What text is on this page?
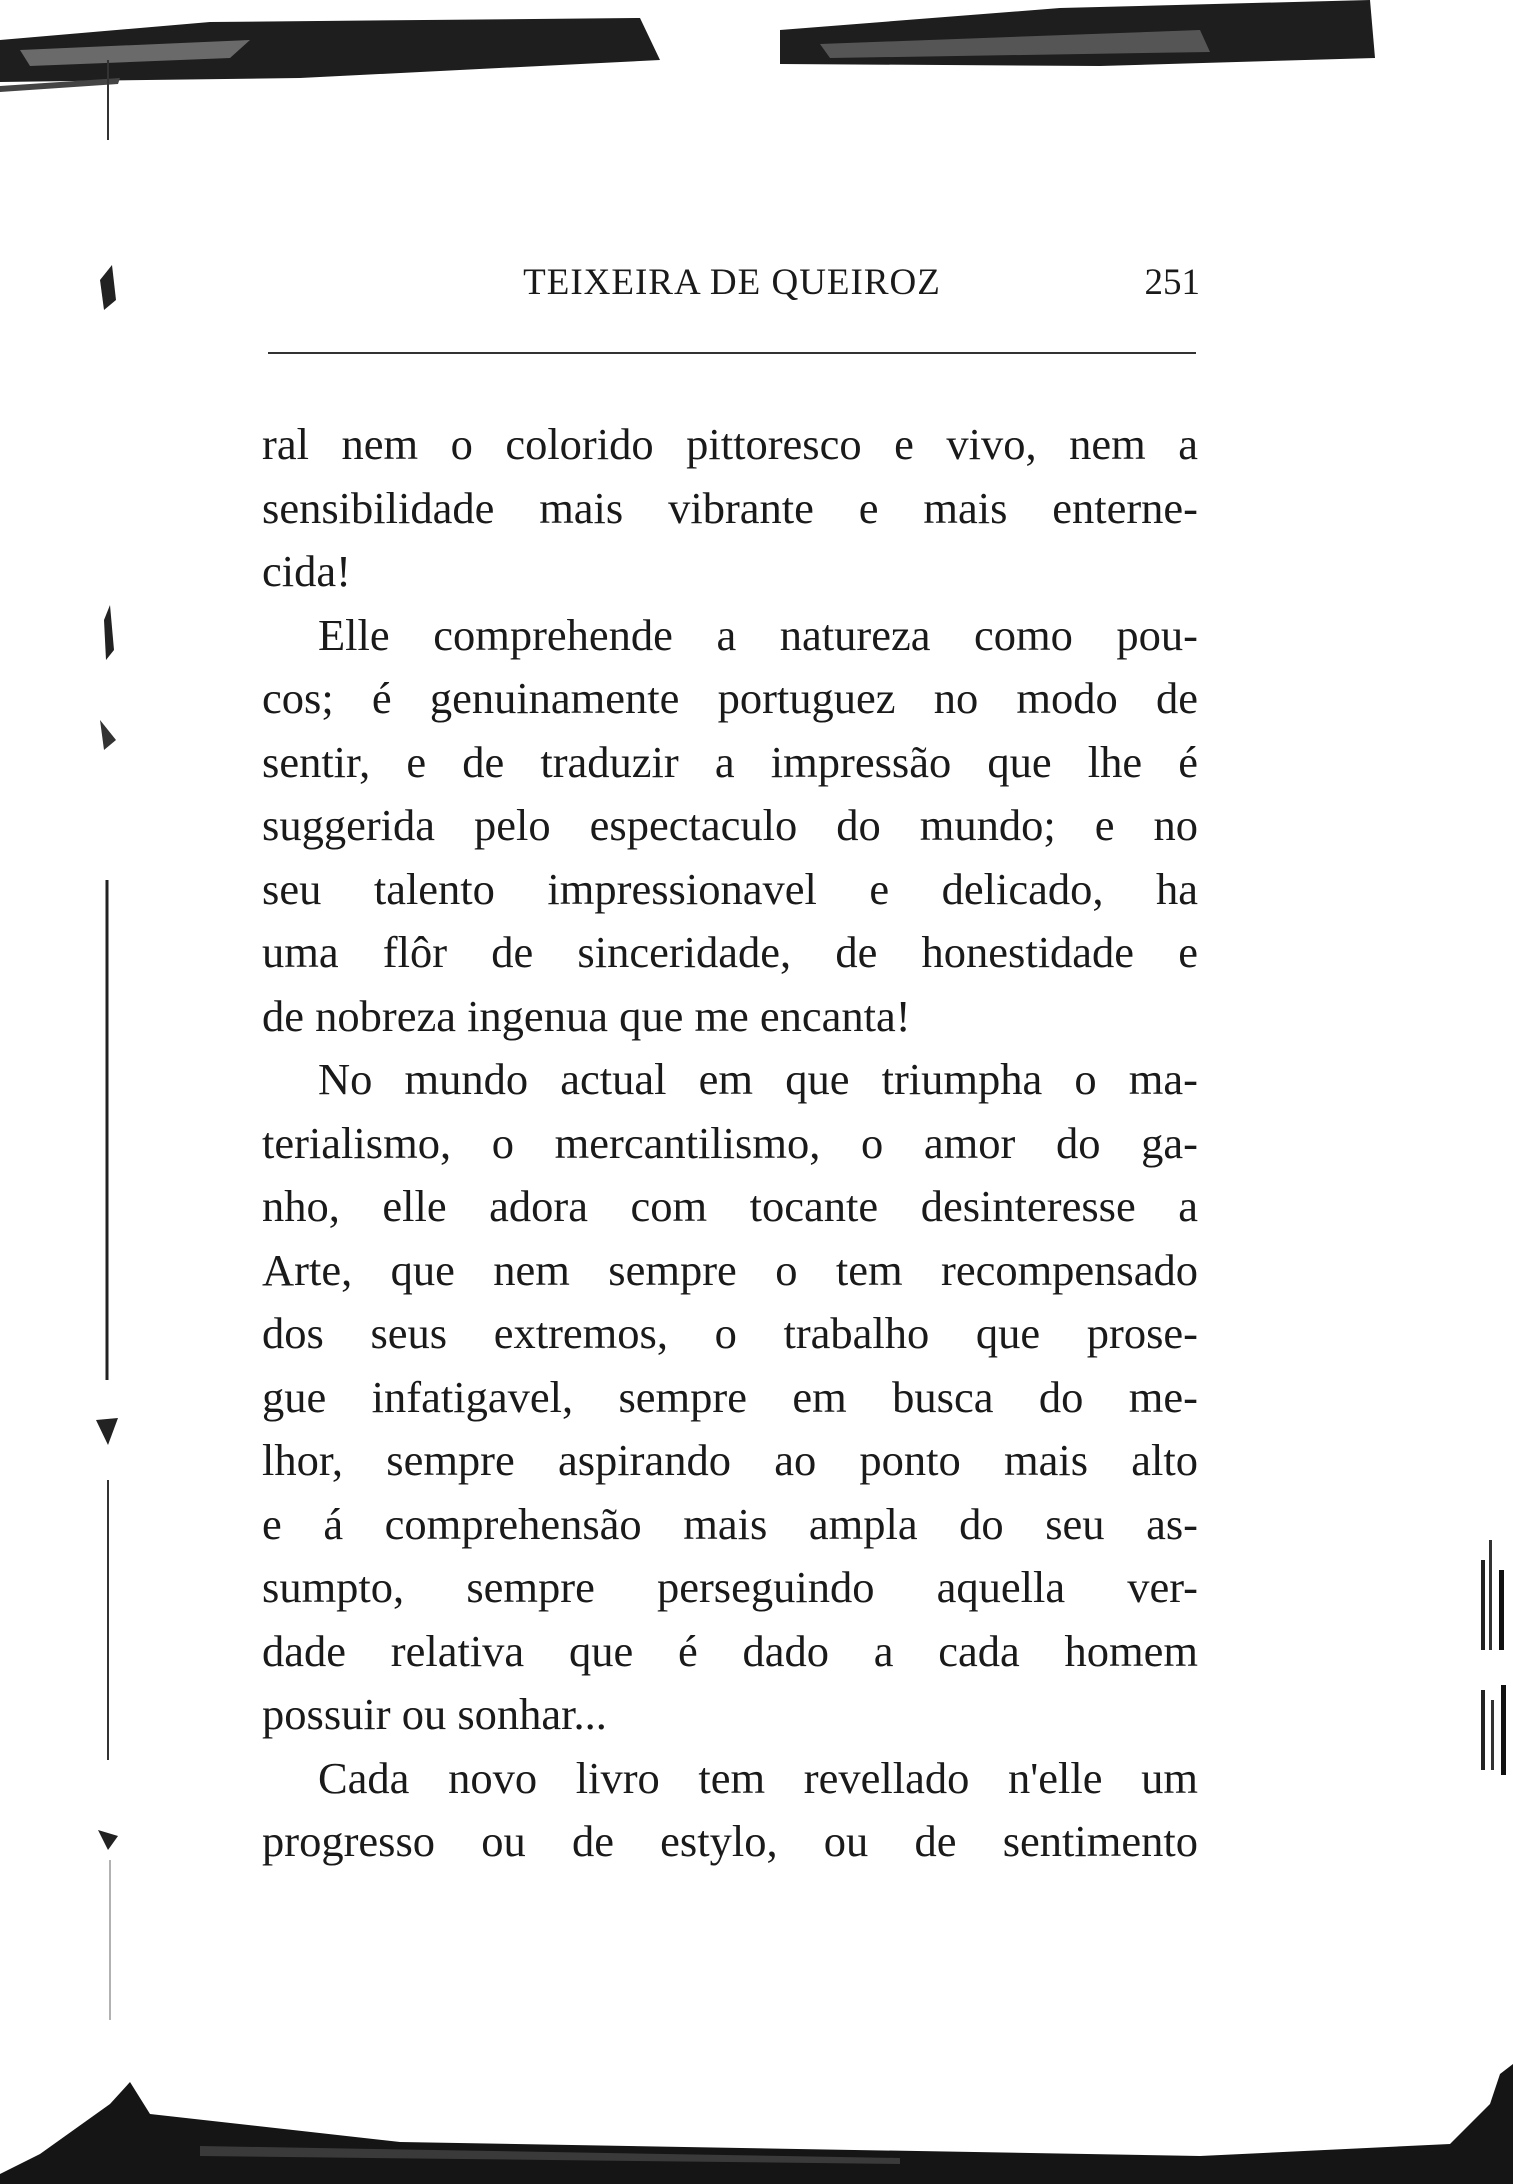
TEIXEIRA DE QUEIROZ	251
ral nem o colorido pittoresco e vivo, nem a
sensibilidade mais vibrante e mais enterne-
cida!
Elle comprehende a natureza como pou-
cos; é genuinamente portuguez no modo de
sentir, e de traduzir a impressão que lhe é
suggerida pelo espectaculo do mundo; e no
seu talento impressionavel e delicado, ha
uma flôr de sinceridade, de honestidade e
de nobreza ingenua que me encanta!
No mundo actual em que triumpha o ma-
terialismo, o mercantilismo, o amor do ga-
nho, elle adora com tocante desinteresse a
Arte, que nem sempre o tem recompensado
dos seus extremos, o trabalho que prose-
gue infatigavel, sempre em busca do me-
lhor, sempre aspirando ao ponto mais alto
e á comprehensão mais ampla do seu as-
sumpto, sempre perseguindo aquella ver-
dade relativa que é dado a cada homem
possuir ou sonhar...
Cada novo livro tem revellado n'elle um
progresso ou de estylo, ou de sentimento
